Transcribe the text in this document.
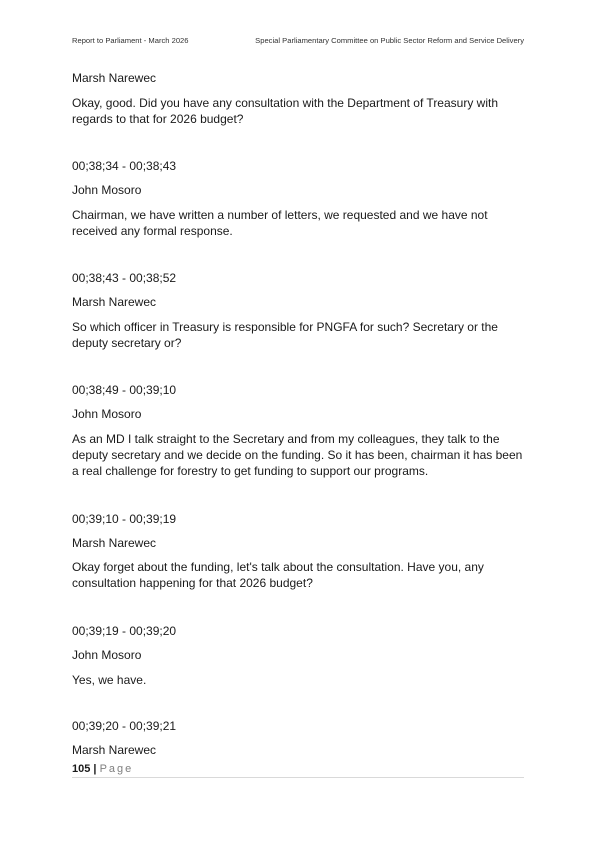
Report to Parliament - March 2026	Special Parliamentary Committee on Public Sector Reform and Service Delivery
Marsh Narewec
Okay, good. Did you have any consultation with the Department of Treasury with regards to that for 2026 budget?
00;38;34 - 00;38;43
John Mosoro
Chairman, we have written a number of letters, we requested and we have not received any formal response.
00;38;43 - 00;38;52
Marsh Narewec
So which officer in Treasury is responsible for PNGFA for such? Secretary or the deputy secretary or?
00;38;49 - 00;39;10
John Mosoro
As an MD I talk straight to the Secretary and from my colleagues, they talk to the deputy secretary and we decide on the funding. So it has been, chairman it has been a real challenge for forestry to get funding to support our programs.
00;39;10 - 00;39;19
Marsh Narewec
Okay forget about the funding, let's talk about the consultation. Have you, any consultation happening for that 2026 budget?
00;39;19 - 00;39;20
John Mosoro
Yes, we have.
00;39;20 - 00;39;21
Marsh Narewec
105 | Page
